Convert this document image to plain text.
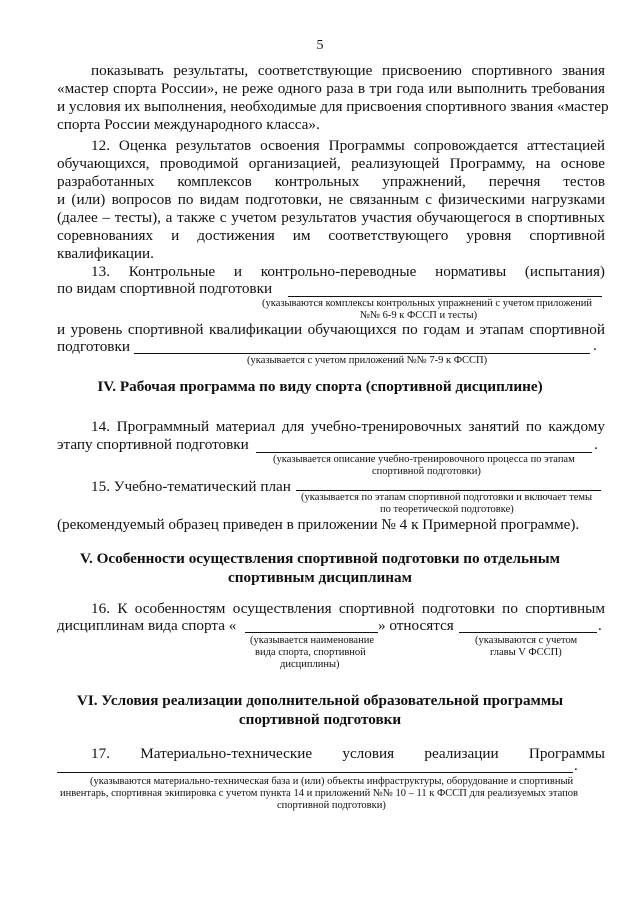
5
показывать результаты, соответствующие присвоению спортивного звания
«мастер спорта России», не реже одного раза в три года или выполнить требования
и условия их выполнения, необходимые для присвоения спортивного звания «мастер
спорта России международного класса».
12. Оценка результатов освоения Программы сопровождается аттестацией
обучающихся, проводимой организацией, реализующей Программу, на основе
разработанных комплексов контрольных упражнений, перечня тестов
и (или) вопросов по видам подготовки, не связанным с физическими нагрузками
(далее – тесты), а также с учетом результатов участия обучающегося в спортивных
соревнованиях и достижения им соответствующего уровня спортивной
квалификации.
13. Контрольные и контрольно-переводные нормативы (испытания)
по видам спортивной подготовки
(указываются комплексы контрольных упражнений с учетом приложений
№№ 6-9 к ФССП и тесты)
и уровень спортивной квалификации обучающихся по годам и этапам спортивной
подготовки	.
(указывается с учетом приложений №№ 7-9 к ФССП)
IV. Рабочая программа по виду спорта (спортивной дисциплине)
14. Программный материал для учебно-тренировочных занятий по каждому
этапу спортивной подготовки	.
(указывается описание учебно-тренировочного процесса по этапам
спортивной подготовки)
15. Учебно-тематический план
(указывается по этапам спортивной подготовки и включает темы
по теоретической подготовке)
(рекомендуемый образец приведен в приложении № 4 к Примерной программе).
V. Особенности осуществления спортивной подготовки по отдельным
спортивным дисциплинам
16. К особенностям осуществления спортивной подготовки по спортивным
дисциплинам вида спорта «	» относятся	.
(указывается наименование
вида спорта, спортивной
дисциплины)
(указываются с учетом
главы V ФССП)
VI. Условия реализации дополнительной образовательной программы
спортивной подготовки
17. Материально-технические условия реализации Программы
.
(указываются материально-техническая база и (или) объекты инфраструктуры, оборудование и спортивный
инвентарь, спортивная экипировка с учетом пункта 14 и приложений №№ 10 – 11 к ФССП для реализуемых этапов
спортивной подготовки)
